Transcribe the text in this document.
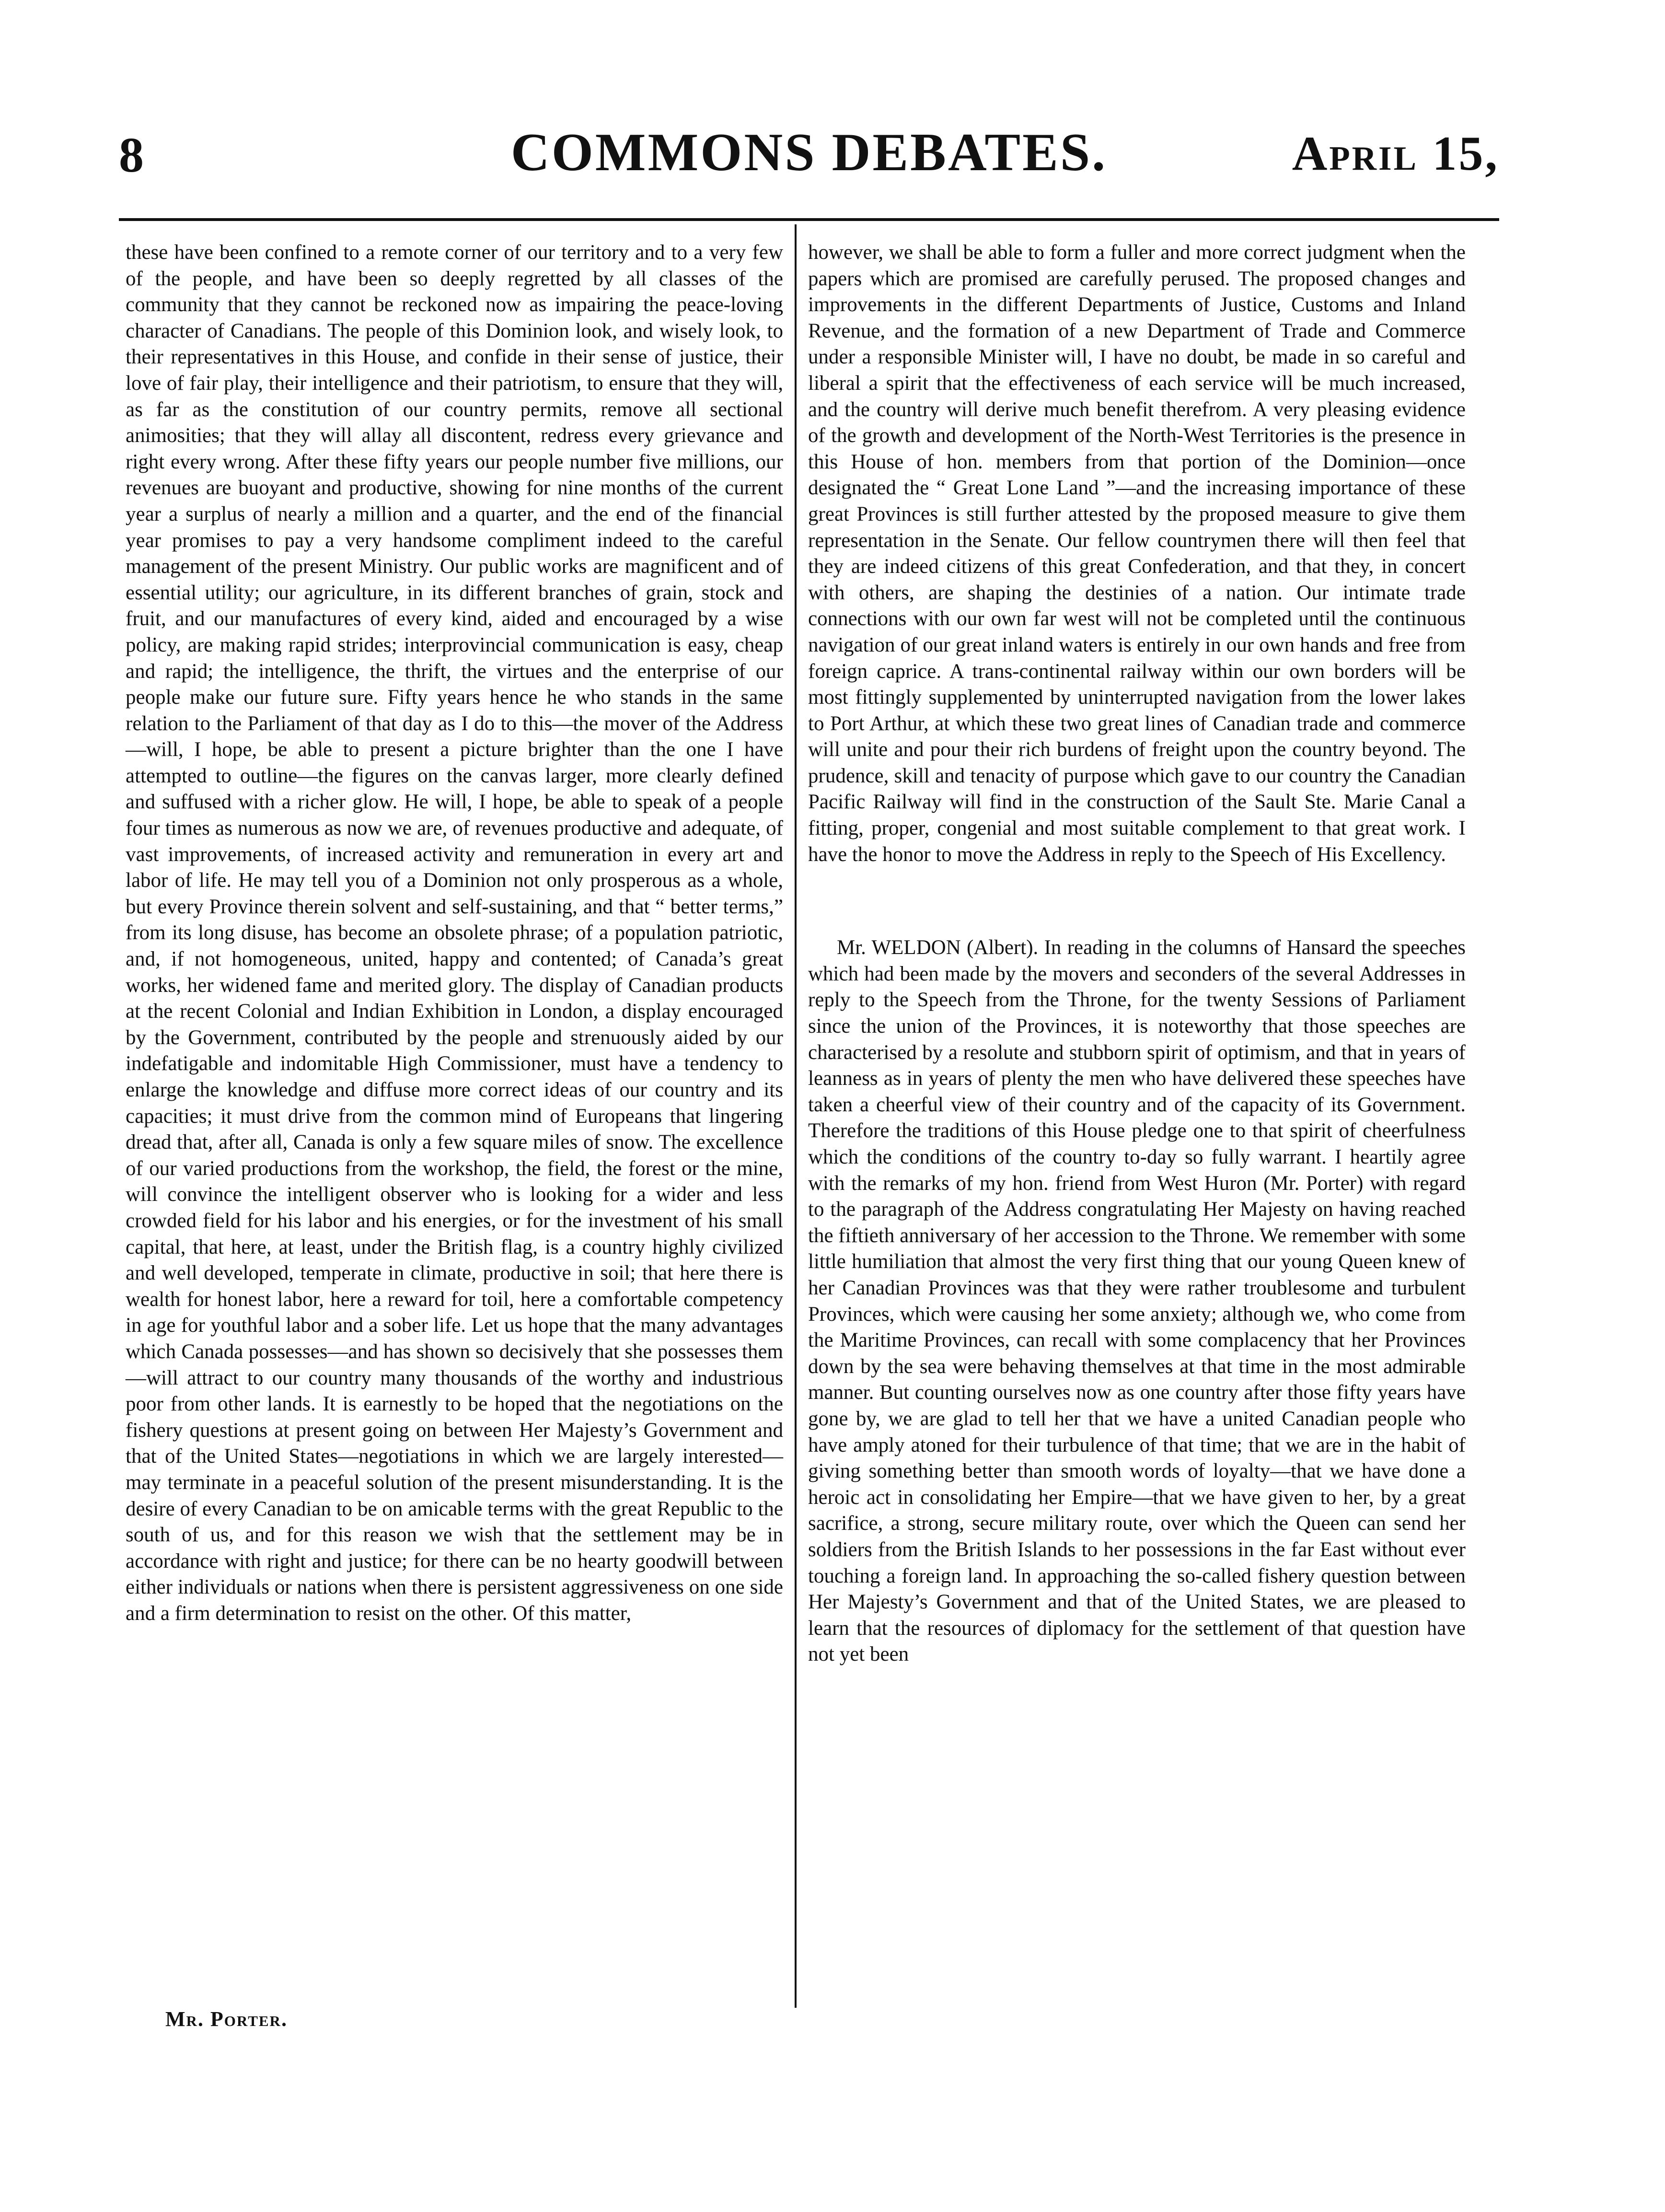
8	COMMONS DEBATES.	April 15,

these have been confined to a remote corner of our territory and to a very few of the people, and have been so deeply regretted by all classes of the community that they cannot be reckoned now as impairing the peace-loving character of Canadians. The people of this Dominion look, and wisely look, to their representatives in this House, and confide in their sense of justice, their love of fair play, their intelligence and their patriotism, to ensure that they will, as far as the constitution of our country permits, remove all sectional animosities; that they will allay all discontent, redress every grievance and right every wrong. After these fifty years our people number five millions, our revenues are buoyant and productive, showing for nine months of the current year a surplus of nearly a million and a quarter, and the end of the financial year promises to pay a very handsome compliment indeed to the careful management of the present Ministry. Our public works are magnificent and of essential utility; our agriculture, in its different branches of grain, stock and fruit, and our manufactures of every kind, aided and encouraged by a wise policy, are making rapid strides; interprovincial communication is easy, cheap and rapid; the intelligence, the thrift, the virtues and the enterprise of our people make our future sure. Fifty years hence he who stands in the same relation to the Parliament of that day as I do to this—the mover of the Address—will, I hope, be able to present a picture brighter than the one I have attempted to outline—the figures on the canvas larger, more clearly defined and suffused with a richer glow. He will, I hope, be able to speak of a people four times as numerous as now we are, of revenues productive and adequate, of vast improvements, of increased activity and remuneration in every art and labor of life. He may tell you of a Dominion not only prosperous as a whole, but every Province therein solvent and self-sustaining, and that “ better terms,” from its long disuse, has become an obsolete phrase; of a population patriotic, and, if not homogeneous, united, happy and contented; of Canada’s great works, her widened fame and merited glory. The display of Canadian products at the recent Colonial and Indian Exhibition in London, a display encouraged by the Government, contributed by the people and strenuously aided by our indefatigable and indomitable High Commissioner, must have a tendency to enlarge the knowledge and diffuse more correct ideas of our country and its capacities; it must drive from the common mind of Europeans that lingering dread that, after all, Canada is only a few square miles of snow. The excellence of our varied productions from the workshop, the field, the forest or the mine, will convince the intelligent observer who is looking for a wider and less crowded field for his labor and his energies, or for the investment of his small capital, that here, at least, under the British flag, is a country highly civilized and well developed, temperate in climate, productive in soil; that here there is wealth for honest labor, here a reward for toil, here a comfortable competency in age for youthful labor and a sober life. Let us hope that the many advantages which Canada possesses—and has shown so decisively that she possesses them—will attract to our country many thousands of the worthy and industrious poor from other lands. It is earnestly to be hoped that the negotiations on the fishery questions at present going on between Her Majesty’s Government and that of the United States—negotiations in which we are largely interested—may terminate in a peaceful solution of the present misunderstanding. It is the desire of every Canadian to be on amicable terms with the great Republic to the south of us, and for this reason we wish that the settlement may be in accordance with right and justice; for there can be no hearty goodwill between either individuals or nations when there is persistent aggressiveness on one side and a firm determination to resist on the other. Of this matter,

however, we shall be able to form a fuller and more correct judgment when the papers which are promised are carefully perused. The proposed changes and improvements in the different Departments of Justice, Customs and Inland Revenue, and the formation of a new Department of Trade and Commerce under a responsible Minister will, I have no doubt, be made in so careful and liberal a spirit that the effectiveness of each service will be much increased, and the country will derive much benefit therefrom. A very pleasing evidence of the growth and development of the North-West Territories is the presence in this House of hon. members from that portion of the Dominion—once designated the “ Great Lone Land ”—and the increasing importance of these great Provinces is still further attested by the proposed measure to give them representation in the Senate. Our fellow countrymen there will then feel that they are indeed citizens of this great Confederation, and that they, in concert with others, are shaping the destinies of a nation. Our intimate trade connections with our own far west will not be completed until the continuous navigation of our great inland waters is entirely in our own hands and free from foreign caprice. A trans-continental railway within our own borders will be most fittingly supplemented by uninterrupted navigation from the lower lakes to Port Arthur, at which these two great lines of Canadian trade and commerce will unite and pour their rich burdens of freight upon the country beyond. The prudence, skill and tenacity of purpose which gave to our country the Canadian Pacific Railway will find in the construction of the Sault Ste. Marie Canal a fitting, proper, congenial and most suitable complement to that great work. I have the honor to move the Address in reply to the Speech of His Excellency.

Mr. WELDON (Albert). In reading in the columns of Hansard the speeches which had been made by the movers and seconders of the several Addresses in reply to the Speech from the Throne, for the twenty Sessions of Parliament since the union of the Provinces, it is noteworthy that those speeches are characterised by a resolute and stubborn spirit of optimism, and that in years of leanness as in years of plenty the men who have delivered these speeches have taken a cheerful view of their country and of the capacity of its Government. Therefore the traditions of this House pledge one to that spirit of cheerfulness which the conditions of the country to-day so fully warrant. I heartily agree with the remarks of my hon. friend from West Huron (Mr. Porter) with regard to the paragraph of the Address congratulating Her Majesty on having reached the fiftieth anniversary of her accession to the Throne. We remember with some little humiliation that almost the very first thing that our young Queen knew of her Canadian Provinces was that they were rather troublesome and turbulent Provinces, which were causing her some anxiety; although we, who come from the Maritime Provinces, can recall with some complacency that her Provinces down by the sea were behaving themselves at that time in the most admirable manner. But counting ourselves now as one country after those fifty years have gone by, we are glad to tell her that we have a united Canadian people who have amply atoned for their turbulence of that time; that we are in the habit of giving something better than smooth words of loyalty—that we have done a heroic act in consolidating her Empire—that we have given to her, by a great sacrifice, a strong, secure military route, over which the Queen can send her soldiers from the British Islands to her possessions in the far East without ever touching a foreign land. In approaching the so-called fishery question between Her Majesty’s Government and that of the United States, we are pleased to learn that the resources of diplomacy for the settlement of that question have not yet been

Mr. Porter.
